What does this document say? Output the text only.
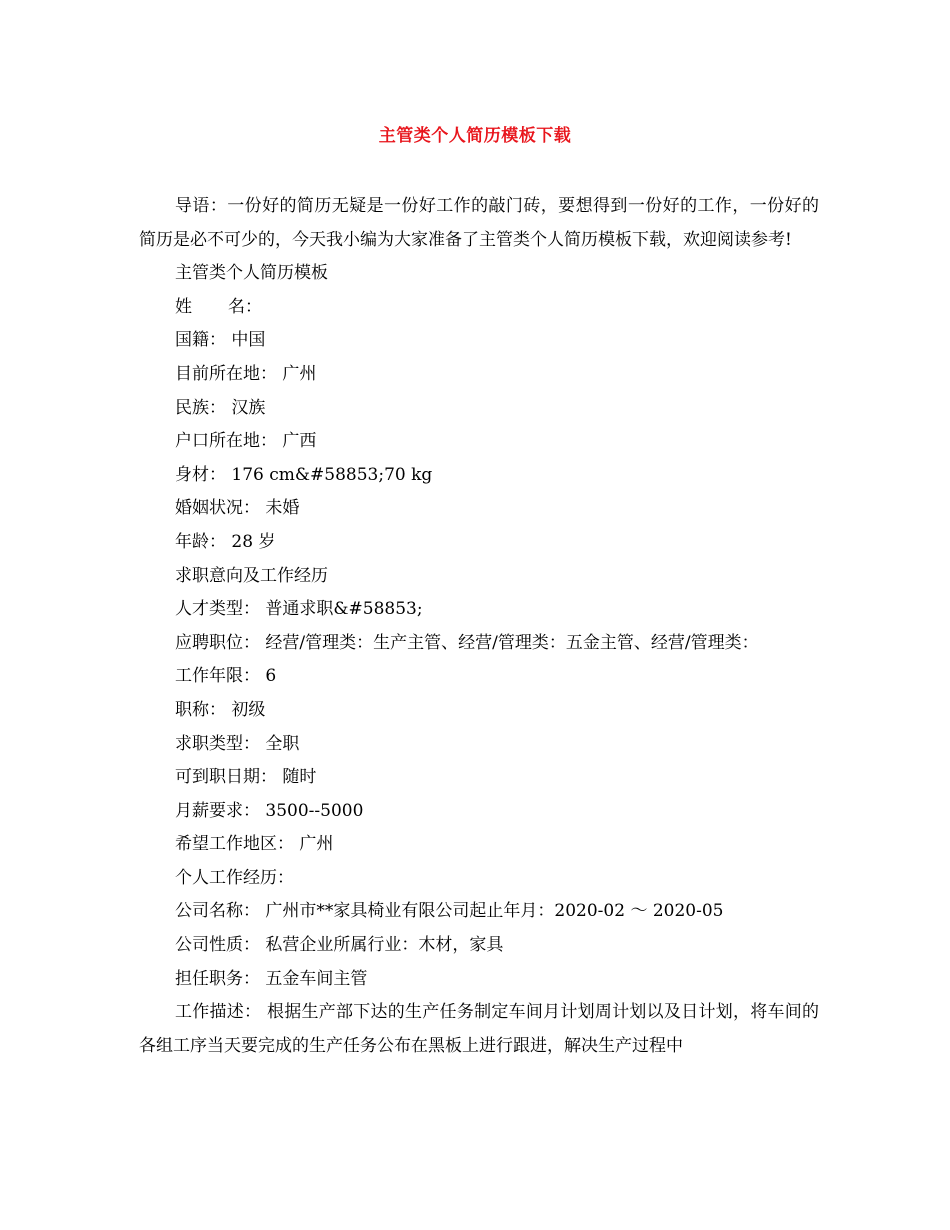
主管类个人简历模板下载

导语：一份好的简历无疑是一份好工作的敲门砖，要想得到一份好的工作，一份好的简历是必不可少的，今天我小编为大家准备了主管类个人简历模板下载，欢迎阅读参考!

主管类个人简历模板

姓 名：

国籍： 中国

目前所在地： 广州

民族： 汉族

户口所在地： 广西

身材： 176 cm&#58853;70 kg

婚姻状况： 未婚

年龄： 28 岁

求职意向及工作经历

人才类型： 普通求职&#58853;

应聘职位： 经营/管理类：生产主管、经营/管理类：五金主管、经营/管理类：

工作年限： 6

职称： 初级

求职类型： 全职

可到职日期： 随时

月薪要求： 3500--5000

希望工作地区： 广州

个人工作经历：

公司名称： 广州市**家具椅业有限公司起止年月：2020-02 ～ 2020-05

公司性质： 私营企业所属行业：木材，家具

担任职务： 五金车间主管

工作描述： 根据生产部下达的生产任务制定车间月计划周计划以及日计划，将车间的各组工序当天要完成的生产任务公布在黑板上进行跟进，解决生产过程中
